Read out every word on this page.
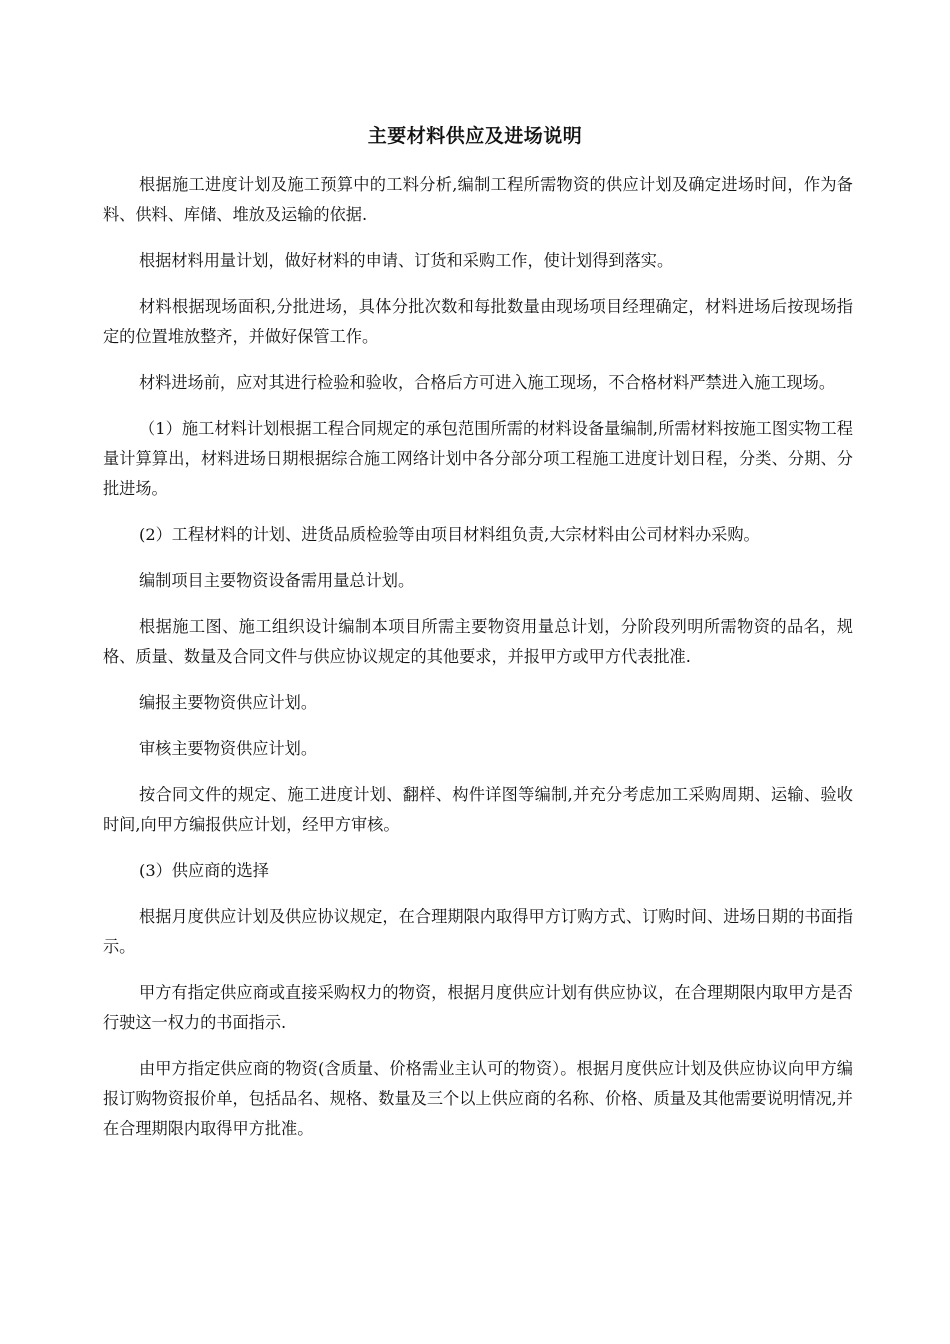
主要材料供应及进场说明

根据施工进度计划及施工预算中的工料分析,编制工程所需物资的供应计划及确定进场时间，作为备料、供料、库储、堆放及运输的依据.

根据材料用量计划，做好材料的申请、订货和采购工作，使计划得到落实。

材料根据现场面积,分批进场，具体分批次数和每批数量由现场项目经理确定，材料进场后按现场指定的位置堆放整齐，并做好保管工作。

材料进场前，应对其进行检验和验收，合格后方可进入施工现场，不合格材料严禁进入施工现场。

（1）施工材料计划根据工程合同规定的承包范围所需的材料设备量编制,所需材料按施工图实物工程量计算算出，材料进场日期根据综合施工网络计划中各分部分项工程施工进度计划日程，分类、分期、分批进场。

(2）工程材料的计划、进货品质检验等由项目材料组负责,大宗材料由公司材料办采购。

编制项目主要物资设备需用量总计划。

根据施工图、施工组织设计编制本项目所需主要物资用量总计划，分阶段列明所需物资的品名，规格、质量、数量及合同文件与供应协议规定的其他要求，并报甲方或甲方代表批准.

编报主要物资供应计划。

审核主要物资供应计划。

按合同文件的规定、施工进度计划、翻样、构件详图等编制,并充分考虑加工采购周期、运输、验收时间,向甲方编报供应计划，经甲方审核。

(3）供应商的选择

根据月度供应计划及供应协议规定，在合理期限内取得甲方订购方式、订购时间、进场日期的书面指示。

甲方有指定供应商或直接采购权力的物资，根据月度供应计划有供应协议，在合理期限内取甲方是否行驶这一权力的书面指示.

由甲方指定供应商的物资(含质量、价格需业主认可的物资）。根据月度供应计划及供应协议向甲方编报订购物资报价单，包括品名、规格、数量及三个以上供应商的名称、价格、质量及其他需要说明情况,并在合理期限内取得甲方批准。
